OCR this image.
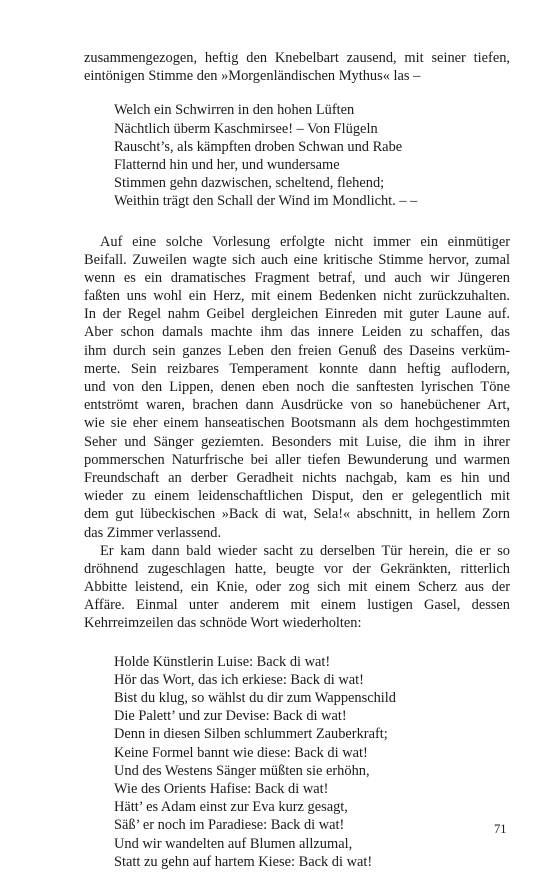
zusammengezogen, heftig den Knebelbart zausend, mit seiner tiefen,
eintönigen Stimme den »Morgenländischen Mythus« las –
Welch ein Schwirren in den hohen Lüften
Nächtlich überm Kaschmirsee! – Von Flügeln
Rauscht’s, als kämpften droben Schwan und Rabe
Flatternd hin und her, und wundersame
Stimmen gehn dazwischen, scheltend, flehend;
Weithin trägt den Schall der Wind im Mondlicht. – –
Auf eine solche Vorlesung erfolgte nicht immer ein einmütiger
Beifall. Zuweilen wagte sich auch eine kritische Stimme hervor, zumal
wenn es ein dramatisches Fragment betraf, und auch wir Jüngeren
faßten uns wohl ein Herz, mit einem Bedenken nicht zurückzuhalten.
In der Regel nahm Geibel dergleichen Einreden mit guter Laune auf.
Aber schon damals machte ihm das innere Leiden zu schaffen, das
ihm durch sein ganzes Leben den freien Genuß des Daseins verküm-
merte. Sein reizbares Temperament konnte dann heftig auflodern,
und von den Lippen, denen eben noch die sanftesten lyrischen Töne
entströmt waren, brachen dann Ausdrücke von so hanebüchener Art,
wie sie eher einem hanseatischen Bootsmann als dem hochgestimmten
Seher und Sänger geziemten. Besonders mit Luise, die ihm in ihrer
pommerschen Naturfrische bei aller tiefen Bewunderung und warmen
Freundschaft an derber Geradheit nichts nachgab, kam es hin und
wieder zu einem leidenschaftlichen Disput, den er gelegentlich mit
dem gut lübeckischen »Back di wat, Sela!« abschnitt, in hellem Zorn
das Zimmer verlassend.
Er kam dann bald wieder sacht zu derselben Tür herein, die er so
dröhnend zugeschlagen hatte, beugte vor der Gekränkten, ritterlich
Abbitte leistend, ein Knie, oder zog sich mit einem Scherz aus der
Affäre. Einmal unter anderem mit einem lustigen Gasel, dessen
Kehrreimzeilen das schnöde Wort wiederholten:
Holde Künstlerin Luise: Back di wat!
Hör das Wort, das ich erkiese: Back di wat!
Bist du klug, so wählst du dir zum Wappenschild
Die Palett’ und zur Devise: Back di wat!
Denn in diesen Silben schlummert Zauberkraft;
Keine Formel bannt wie diese: Back di wat!
Und des Westens Sänger müßten sie erhöhn,
Wie des Orients Hafise: Back di wat!
Hätt’ es Adam einst zur Eva kurz gesagt,
Säß’ er noch im Paradiese: Back di wat!
Und wir wandelten auf Blumen allzumal,
Statt zu gehn auf hartem Kiese: Back di wat!
71
